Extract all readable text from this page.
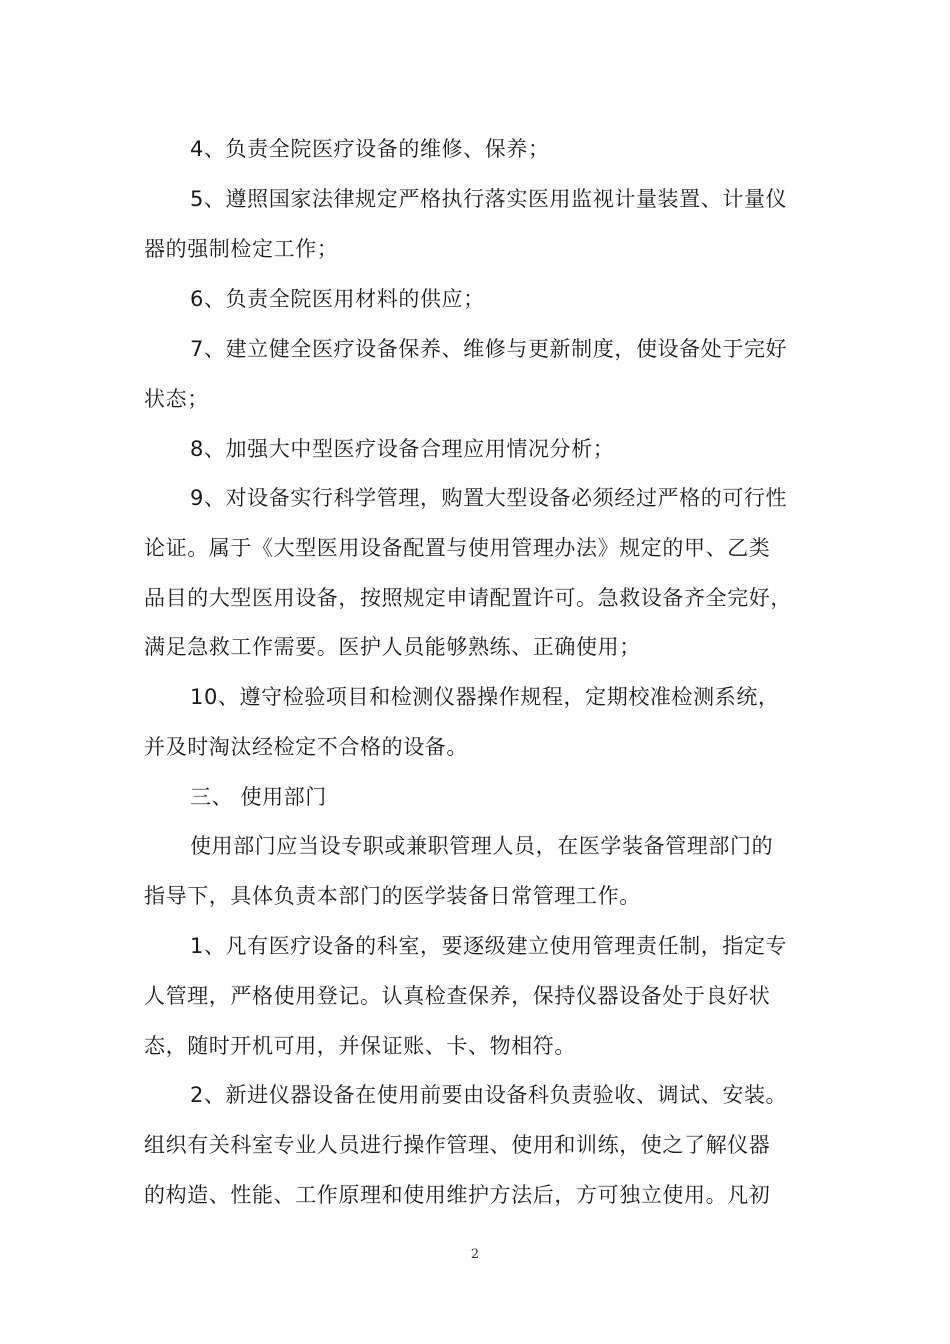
4、负责全院医疗设备的维修、保养；
5、遵照国家法律规定严格执行落实医用监视计量装置、计量仪
器的强制检定工作；
6、负责全院医用材料的供应；
7、建立健全医疗设备保养、维修与更新制度，使设备处于完好
状态；
8、加强大中型医疗设备合理应用情况分析；
9、对设备实行科学管理，购置大型设备必须经过严格的可行性
论证。属于《大型医用设备配置与使用管理办法》规定的甲、乙类
品目的大型医用设备，按照规定申请配置许可。急救设备齐全完好，
满足急救工作需要。医护人员能够熟练、正确使用；
10、遵守检验项目和检测仪器操作规程，定期校准检测系统，
并及时淘汰经检定不合格的设备。
三、 使用部门
使用部门应当设专职或兼职管理人员，在医学装备管理部门的
指导下，具体负责本部门的医学装备日常管理工作。
1、凡有医疗设备的科室，要逐级建立使用管理责任制，指定专
人管理，严格使用登记。认真检查保养，保持仪器设备处于良好状
态，随时开机可用，并保证账、卡、物相符。
2、新进仪器设备在使用前要由设备科负责验收、调试、安装。
组织有关科室专业人员进行操作管理、使用和训练，使之了解仪器
的构造、性能、工作原理和使用维护方法后，方可独立使用。凡初
2
